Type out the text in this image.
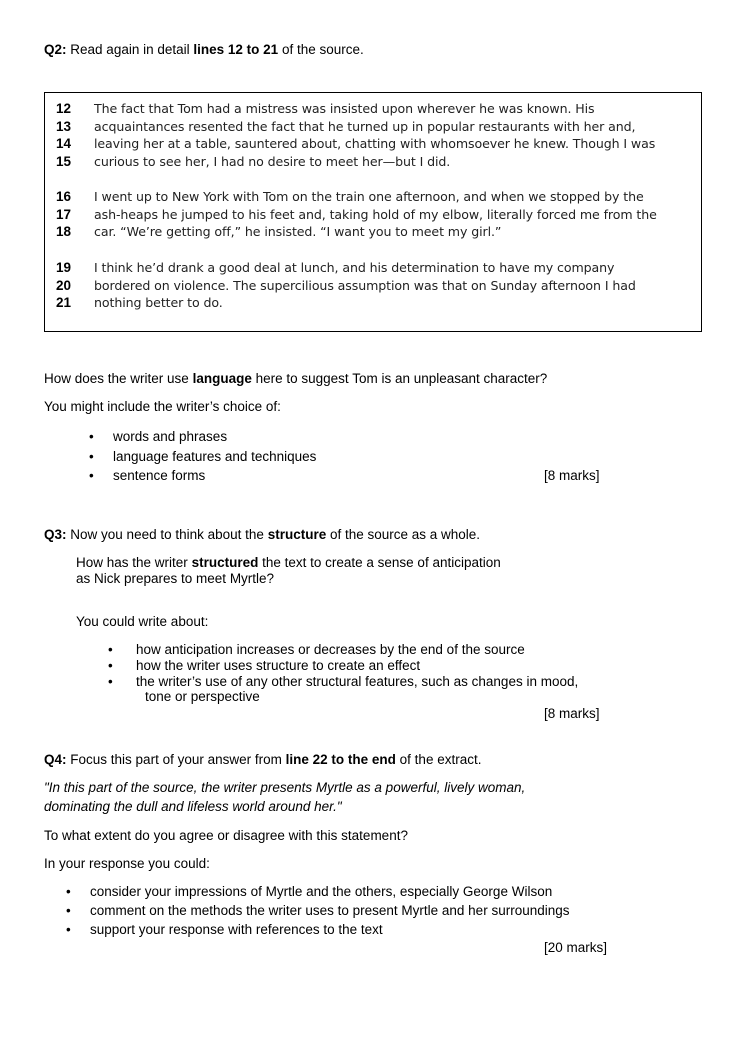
Q2: Read again in detail lines 12 to 21 of the source.
12	The fact that Tom had a mistress was insisted upon wherever he was known. His
13	acquaintances resented the fact that he turned up in popular restaurants with her and,
14	leaving her at a table, sauntered about, chatting with whomsoever he knew. Though I was
15	curious to see her, I had no desire to meet her—but I did.
16	I went up to New York with Tom on the train one afternoon, and when we stopped by the
17	ash-heaps he jumped to his feet and, taking hold of my elbow, literally forced me from the
18	car. “We’re getting off,” he insisted. “I want you to meet my girl.”
19	I think he’d drank a good deal at lunch, and his determination to have my company
20	bordered on violence. The supercilious assumption was that on Sunday afternoon I had
21	nothing better to do.
How does the writer use language here to suggest Tom is an unpleasant character?
You might include the writer’s choice of:
• words and phrases
• language features and techniques
• sentence forms	[8 marks]
Q3: Now you need to think about the structure of the source as a whole.
How has the writer structured the text to create a sense of anticipation
as Nick prepares to meet Myrtle?
You could write about:
• how anticipation increases or decreases by the end of the source
• how the writer uses structure to create an effect
• the writer’s use of any other structural features, such as changes in mood,
tone or perspective
[8 marks]
Q4: Focus this part of your answer from line 22 to the end of the extract.
"In this part of the source, the writer presents Myrtle as a powerful, lively woman,
dominating the dull and lifeless world around her."
To what extent do you agree or disagree with this statement?
In your response you could:
• consider your impressions of Myrtle and the others, especially George Wilson
• comment on the methods the writer uses to present Myrtle and her surroundings
• support your response with references to the text
[20 marks]
